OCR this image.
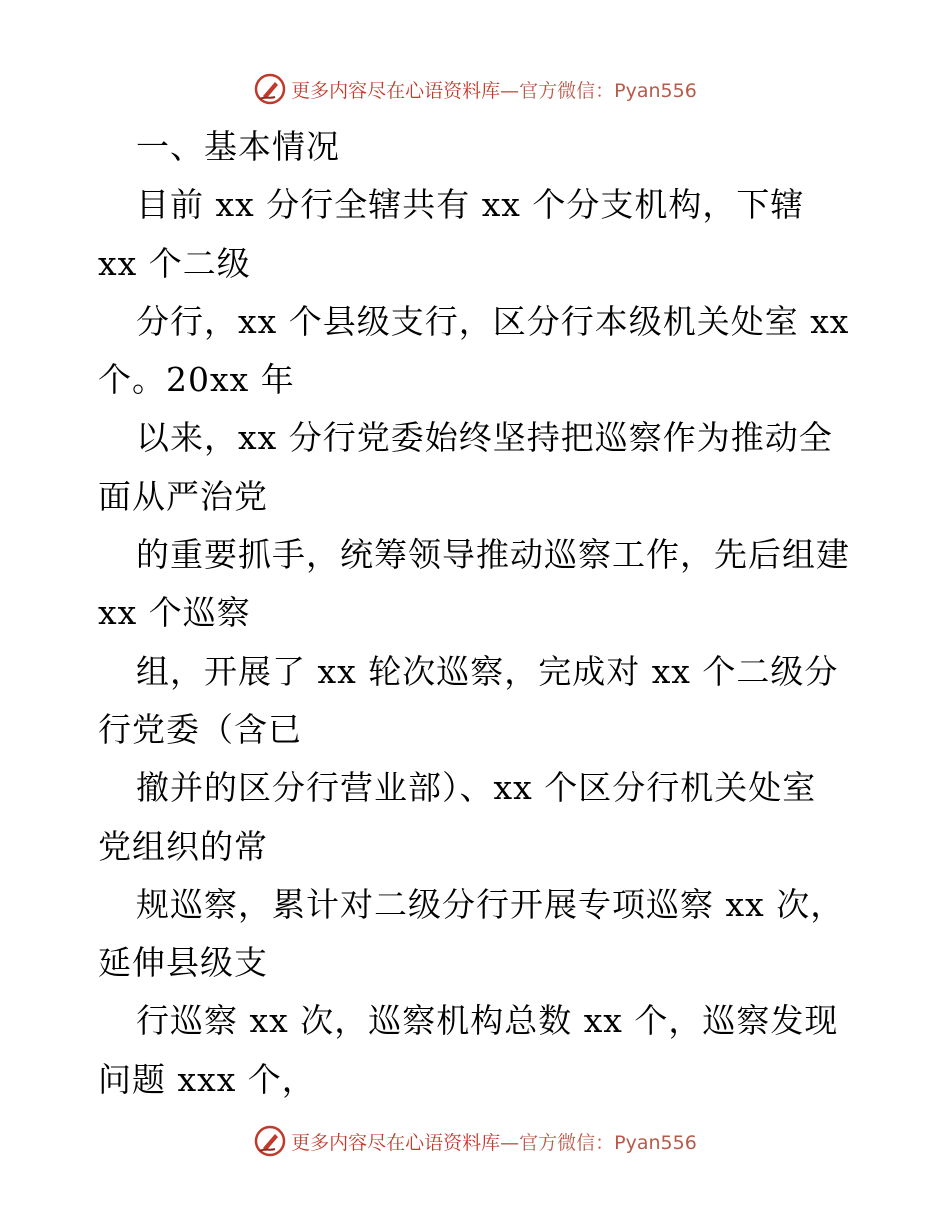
更多内容尽在心语资料库 —官方微信：Pyan556
一、基本情况
目前 xx 分行全辖共有 xx 个分支机构，下辖
xx 个二级
分行，xx 个县级支行，区分行本级机关处室 xx
个。20xx 年
以来，xx 分行党委始终坚持把巡察作为推动全
面从严治党
的重要抓手，统筹领导推动巡察工作，先后组建
xx 个巡察
组，开展了 xx 轮次巡察，完成对 xx 个二级分
行党委（含已
撤并的区分行营业部）、xx 个区分行机关处室
党组织的常
规巡察，累计对二级分行开展专项巡察 xx 次，
延伸县级支
行巡察 xx 次，巡察机构总数 xx 个，巡察发现
问题 xxx 个，
更多内容尽在心语资料库 —官方微信：Pyan556
